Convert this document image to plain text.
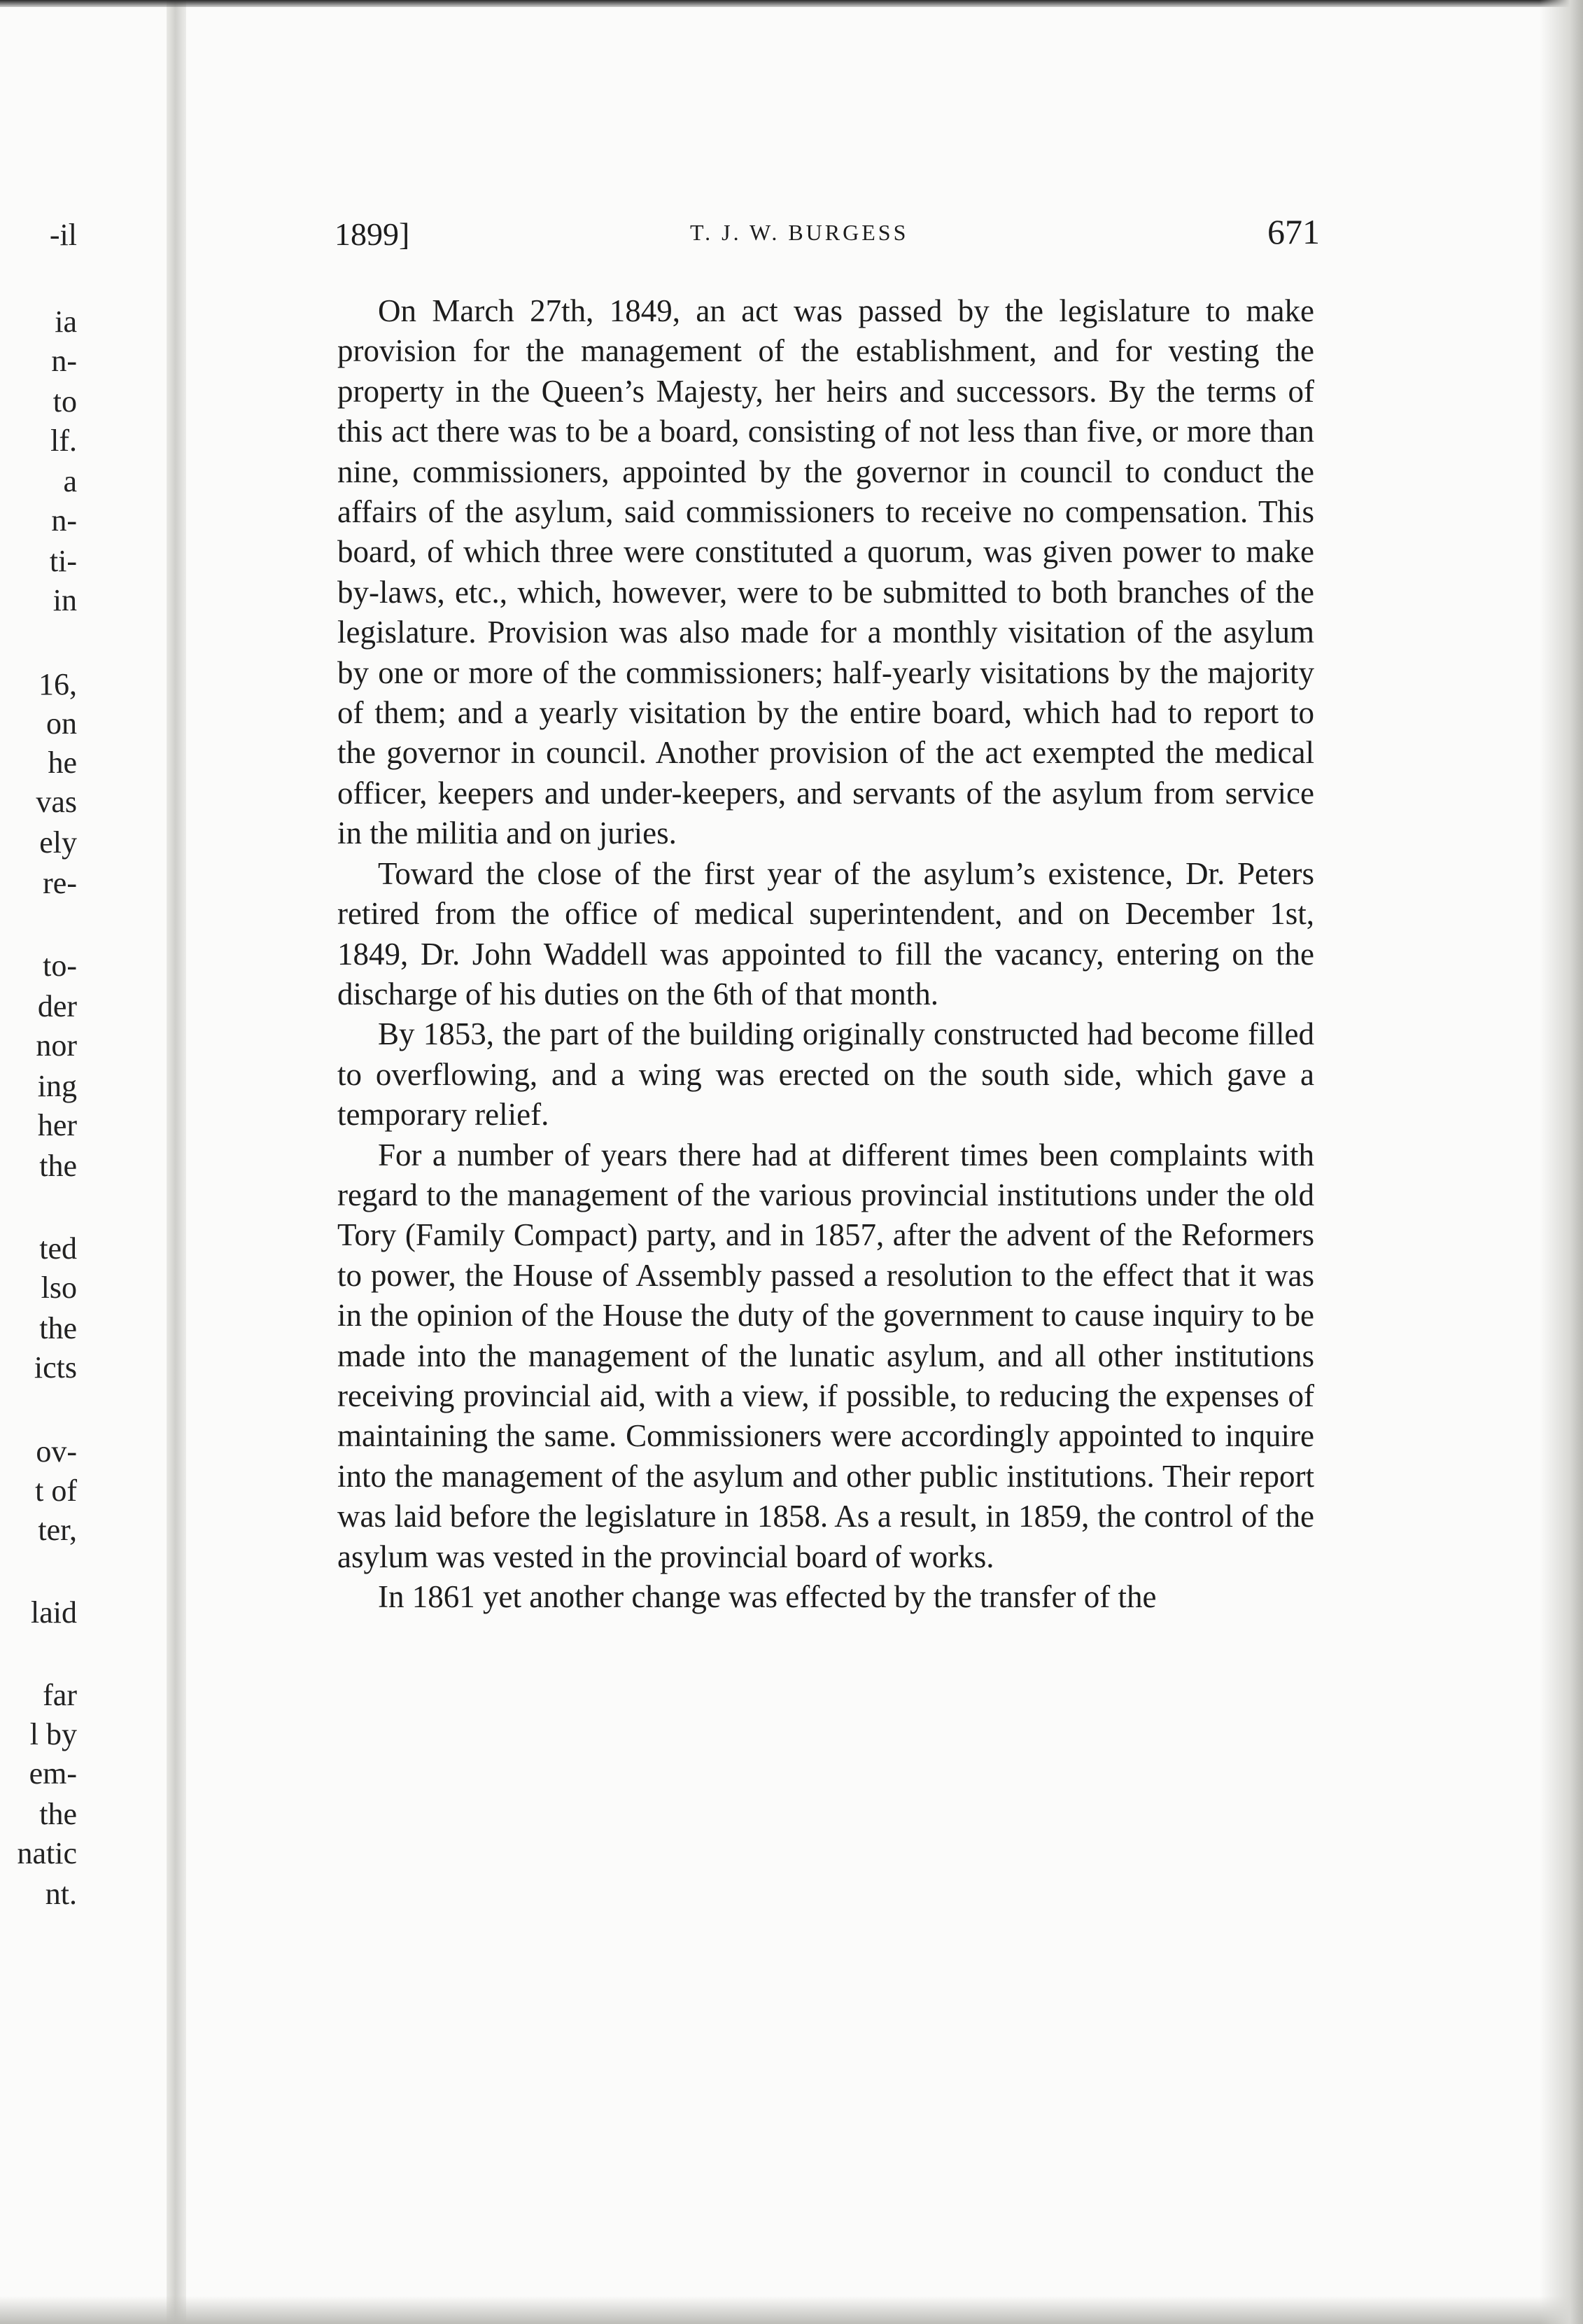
-il
ia
n-
to
lf.
a
n-
ti-
in
16,
on
he
vas
ely
re-
to-
der
nor
ing
her
the
ted
lso
the
icts
ov-
t of
ter,
laid
far
l by
em-
the
natic
nt.
1899]	T. J. W. BURGESS	671

On March 27th, 1849, an act was passed by the legislature to make provision for the management of the establishment, and for vesting the property in the Queen’s Majesty, her heirs and successors. By the terms of this act there was to be a board, consisting of not less than five, or more than nine, commissioners, appointed by the governor in council to conduct the affairs of the asylum, said commissioners to receive no compensation. This board, of which three were constituted a quorum, was given power to make by-laws, etc., which, however, were to be submitted to both branches of the legislature. Provision was also made for a monthly visitation of the asylum by one or more of the commissioners; half-yearly visitations by the majority of them; and a yearly visitation by the entire board, which had to report to the governor in council. Another provision of the act exempted the medical officer, keepers and under-keepers, and servants of the asylum from service in the militia and on juries.

Toward the close of the first year of the asylum’s existence, Dr. Peters retired from the office of medical superintendent, and on December 1st, 1849, Dr. John Waddell was appointed to fill the vacancy, entering on the discharge of his duties on the 6th of that month.

By 1853, the part of the building originally constructed had become filled to overflowing, and a wing was erected on the south side, which gave a temporary relief.

For a number of years there had at different times been complaints with regard to the management of the various provincial institutions under the old Tory (Family Compact) party, and in 1857, after the advent of the Reformers to power, the House of Assembly passed a resolution to the effect that it was in the opinion of the House the duty of the government to cause inquiry to be made into the management of the lunatic asylum, and all other institutions receiving provincial aid, with a view, if possible, to reducing the expenses of maintaining the same. Commissioners were accordingly appointed to inquire into the management of the asylum and other public institutions. Their report was laid before the legislature in 1858. As a result, in 1859, the control of the asylum was vested in the provincial board of works.

In 1861 yet another change was effected by the transfer of the
